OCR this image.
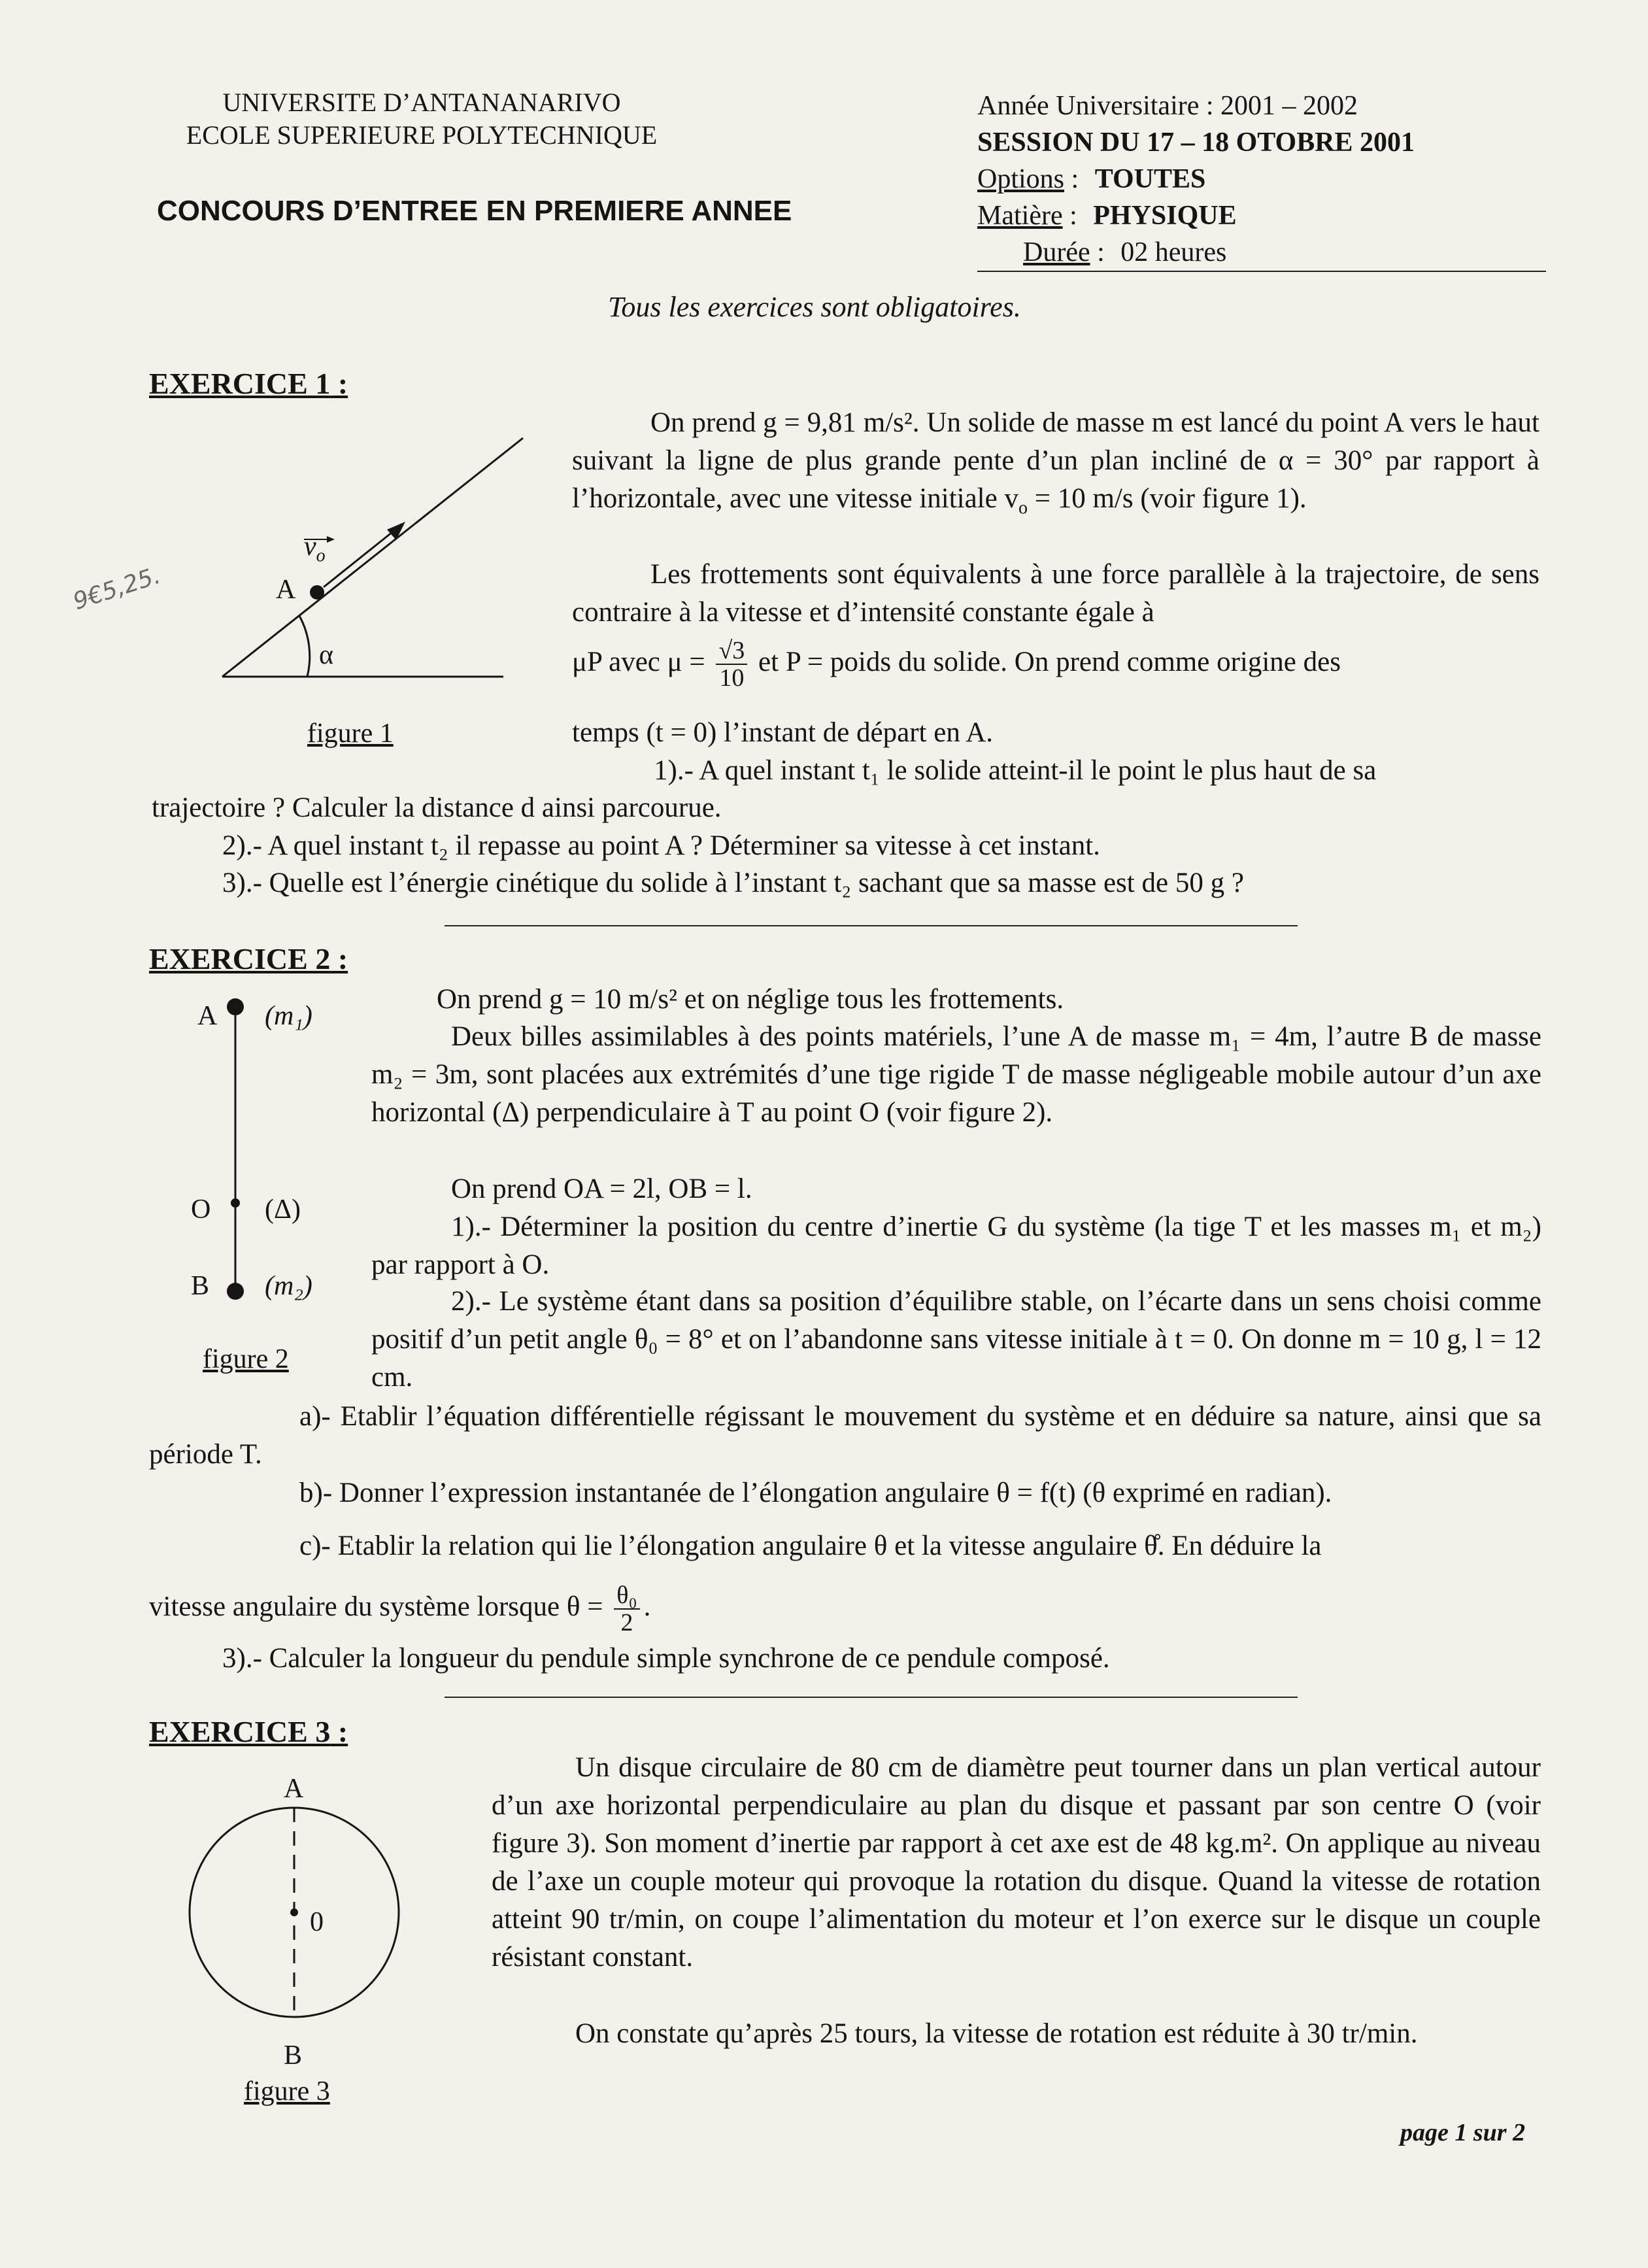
UNIVERSITE D’ANTANANARIVO
ECOLE SUPERIEURE POLYTECHNIQUE
CONCOURS D’ENTREE EN PREMIERE ANNEE
Année Universitaire : 2001 – 2002
SESSION DU 17 – 18 OTOBRE 2001
Options : TOUTES
Matière : PHYSIQUE
Durée : 02 heures
Tous les exercices sont obligatoires.
EXERCICE 1 :
$v_o$
A
α
figure 1
9€5,25.
On prend g = 9,81 m/s². Un solide de masse m est lancé du point A vers le haut suivant la ligne de plus grande pente d’un plan incliné de α = 30° par rapport à l’horizontale, avec une vitesse initiale $v_o = 10$ m/s (voir figure 1).
Les frottements sont équivalents à une force parallèle à la trajectoire, de sens contraire à la vitesse et d’intensité constante égale à
μP avec $\mu = \frac{√3}{10}$ et P = poids du solide. On prend comme origine des
temps (t = 0) l’instant de départ en A.
1).- A quel instant t₁ le solide atteint-il le point le plus haut de sa
trajectoire ? Calculer la distance d ainsi parcourue.
2).- A quel instant t₂ il repasse au point A ? Déterminer sa vitesse à cet instant.
3).- Quelle est l’énergie cinétique du solide à l’instant t₂ sachant que sa masse est de 50 g ?
EXERCICE 2 :
A (m₁)
O (Δ)
B (m₂)
figure 2
On prend g = 10 m/s² et on néglige tous les frottements.
Deux billes assimilables à des points matériels, l’une A de masse m₁ = 4m, l’autre B de masse m₂ = 3m, sont placées aux extrémités d’une tige rigide T de masse négligeable mobile autour d’un axe horizontal (Δ) perpendiculaire à T au point O (voir figure 2).
On prend OA = 2l, OB = l.
1).- Déterminer la position du centre d’inertie G du système (la tige T et les masses m₁ et m₂) par rapport à O.
2).- Le système étant dans sa position d’équilibre stable, on l’écarte dans un sens choisi comme positif d’un petit angle θ₀ = 8° et on l’abandonne sans vitesse initiale à t = 0. On donne m = 10 g, l = 12 cm.
a)- Etablir l’équation différentielle régissant le mouvement du système et en déduire sa nature, ainsi que sa période T.
b)- Donner l’expression instantanée de l’élongation angulaire θ = f(t) (θ exprimé en radian).
c)- Etablir la relation qui lie l’élongation angulaire θ et la vitesse angulaire θ̊. En déduire la
vitesse angulaire du système lorsque $\theta = \frac{\text{θ₀}}{2}$ .
3).- Calculer la longueur du pendule simple synchrone de ce pendule composé.
EXERCICE 3 :
A
0
B
figure 3
Un disque circulaire de 80 cm de diamètre peut tourner dans un plan vertical autour d’un axe horizontal perpendiculaire au plan du disque et passant par son centre O (voir figure 3). Son moment d’inertie par rapport à cet axe est de 48 kg.m². On applique au niveau de l’axe un couple moteur qui provoque la rotation du disque. Quand la vitesse de rotation atteint 90 tr/min, on coupe l’alimentation du moteur et l’on exerce sur le disque un couple résistant constant.
On constate qu’après 25 tours, la vitesse de rotation est réduite à 30 tr/min.
page 1 sur 2
